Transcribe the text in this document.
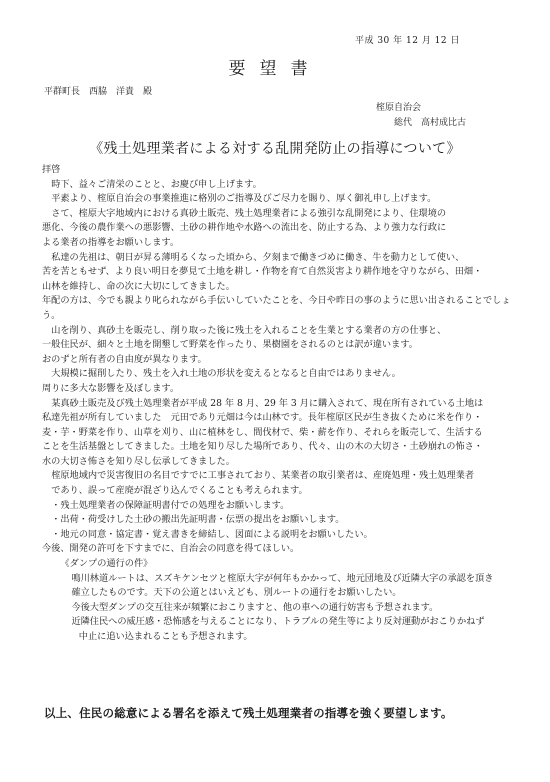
平成 30 年 12 月 12 日
要望書
平群町長　西脇　洋貴　殿
榁原自治会
総代　高村成比古
《残土処理業者による対する乱開発防止の指導について》

拝啓

時下、益々ご清栄のことと、お慶び申し上げます。

平素より、榁原自治会の事業推進に格別のご指導及びご尽力を賜り、厚く御礼申し上げます。

さて、榁原大字地域内における真砂土販売、残土処理業者による強引な乱開発により、住環境の

悪化、今後の農作業への悪影響、土砂の耕作地や水路への流出を、防止する為、より強力な行政に

よる業者の指導をお願いします。

私達の先祖は、朝日が昇る薄明るくなった頃から、夕刻まで働きづめに働き、牛を動力として使い、

苦を苦ともせず、より良い明日を夢見て土地を耕し・作物を育て自然災害より耕作地を守りながら、田畑・

山林を維持し、命の次に大切にしてきました。

年配の方は、今でも親より叱られながら手伝いしていたことを、今日や昨日の事のように思い出されることでしょう。

山を削り、真砂土を販売し、削り取った後に残土を入れることを生業とする業者の方の仕事と、

一般住民が、細々と土地を開墾して野菜を作ったり、果樹園をされるのとは訳が違います。

おのずと所有者の自由度が異なります。

大規模に掘削したり、残土を入れ土地の形状を変えるとなると自由ではありません。

周りに多大な影響を及ぼします。

某真砂土販売及び残土処理業者が平成 28 年 8 月、29 年 3 月に購入されて、現在所有されている土地は

私達先祖が所有していました　元田であり元畑は今は山林です。長年榁原区民が生き抜くために米を作り・

麦・芋・野菜を作り、山草を刈り、山に植林をし、間伐材で、柴・薪を作り、それらを販売して、生活する

ことを生活基盤としてきました。土地を知り尽した場所であり、代々、山の木の大切さ・土砂崩れの怖さ・

水の大切さ怖さを知り尽し伝承してきました。

榁原地域内で災害復旧の名目ですでに工事されており、某業者の取引業者は、産廃処理・残土処理業者

であり、誤って産廃が混ざり込んでくることも考えられます。

・残土処理業者の保障証明書付での処理をお願いします。

・出荷・荷受けした土砂の搬出先証明書・伝票の提出をお願いします。

・地元の同意・協定書・覚え書きを締結し、図面による説明をお願いしたい。

今後、開発の許可を下すまでに、自治会の同意を得てほしい。

《ダンプの通行の件》

鳴川林道ルートは、スズキケンセツと榁原大字が何年もかかって、地元団地及び近隣大字の承認を頂き

確立したものです。天下の公道とはいえども、別ルートの通行をお願いしたい。

今後大型ダンプの交互往来が頻繁におこりますと、他の車への通行妨害も予想されます。

近隣住民への威圧感・恐怖感を与えることになり、トラブルの発生等により反対運動がおこりかねず

中止に追い込まれることも予想されます。

以上、住民の総意による署名を添えて残土処理業者の指導を強く要望します。
